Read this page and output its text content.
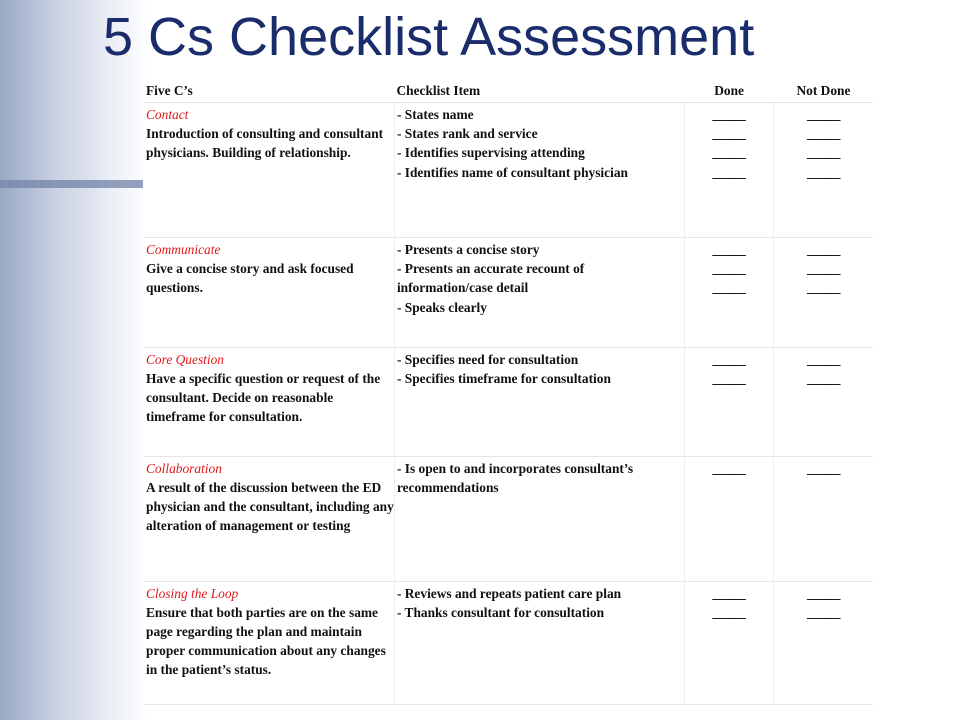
5 Cs Checklist Assessment
Five C’s	Checklist Item	Done	Not Done

Contact
Introduction of consulting and consultant physicians. Building of relationship.	- States name
- States rank and service
- Identifies supervising attending
- Identifies name of consultant physician	_____
_____
_____
_____	_____
_____
_____
_____

Communicate
Give a concise story and ask focused questions.	- Presents a concise story
- Presents an accurate recount of information/case detail
- Speaks clearly	_____
_____
_____	_____
_____
_____

Core Question
Have a specific question or request of the consultant. Decide on reasonable timeframe for consultation.	- Specifies need for consultation
- Specifies timeframe for consultation	_____
_____	_____
_____

Collaboration
A result of the discussion between the ED physician and the consultant, including any alteration of management or testing	- Is open to and incorporates consultant’s recommendations	_____	_____

Closing the Loop
Ensure that both parties are on the same page regarding the plan and maintain proper communication about any changes in the patient’s status.	- Reviews and repeats patient care plan
- Thanks consultant for consultation	_____
_____	_____
_____
